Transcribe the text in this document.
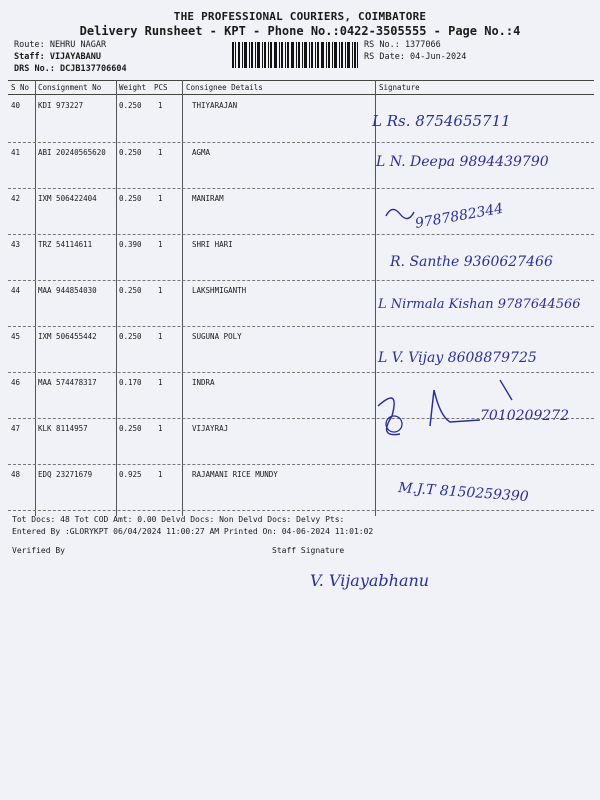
THE PROFESSIONAL COURIERS, COIMBATORE
Delivery Runsheet - KPT - Phone No.:0422-3505555 - Page No.:4
Route: NEHRU NAGAR
Staff: VIJAYABANU
DRS No.: DCJB137706604
RS No.: 1377066
RS Date: 04-Jun-2024
S No Consignment No Weight PCS Consignee Details	Signature
40 KDI 973227	0.250 1	THIYARAJAN
41 ABI 20240565620 0.250 1	AGMA
42 IXM 506422404	0.250 1	MANIRAM
43 TRZ 54114611	0.390 1	SHRI HARI
44 MAA 944854030	0.250 1	LAKSHMIGANTH
45 IXM 506455442	0.250 1	SUGUNA POLY
46 MAA 574478317	0.170 1	INDRA
47 KLK 8114957	0.250 1	VIJAYRAJ
48 EDQ 23271679	0.925 1	RAJAMANI RICE MUNDY
L Rs. 8754655711
L N. Deepa 9894439790
9787882344
R. Santhe 9360627466
L Nirmala Kishan 9787644566
L V. Vijay 8608879725
7010209272
M.J.T 8150259390
Tot Docs: 48 Tot COD Amt: 0.00 Delvd Docs: Non Delvd Docs: Delvy Pts:
Entered By :GLORYKPT 06/04/2024 11:00:27 AM Printed On: 04-06-2024 11:01:02
Verified By	Staff Signature
V. Vijayabhanu
